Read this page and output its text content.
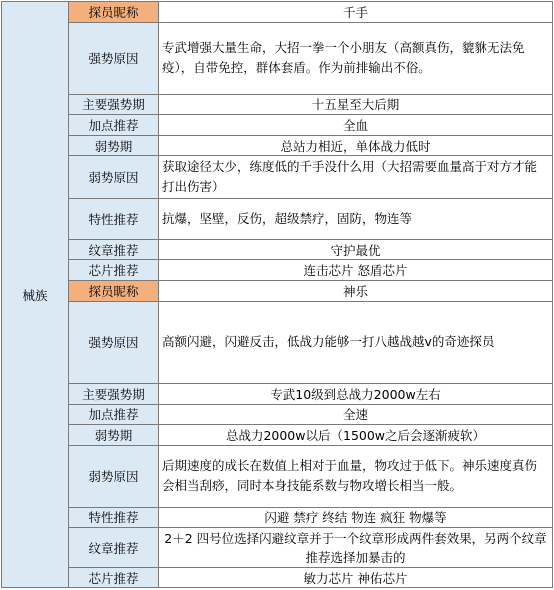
械族	探员昵称	千手
	强势原因	专武增强大量生命，大招一拳一个小朋友（高额真伤，貔貅无法免疫），自带免控，群体套盾。作为前排输出不俗。
	主要强势期	十五星至大后期
	加点推荐	全血
	弱势期	总站力相近，单体战力低时
	弱势原因	获取途径太少，练度低的千手没什么用（大招需要血量高于对方才能打出伤害）
	特性推荐	抗爆，坚壁，反伤，超级禁疗，固防，物连等
	纹章推荐	守护最优
	芯片推荐	连击芯片 怒盾芯片
	探员昵称	神乐
	强势原因	高额闪避，闪避反击，低战力能够一打八越战越v的奇迹探员
	主要强势期	专武10级到总战力2000w左右
	加点推荐	全速
	弱势期	总战力2000w以后（1500w之后会逐渐疲软）
	弱势原因	后期速度的成长在数值上相对于血量，物攻过于低下。神乐速度真伤会相当刮痧，同时本身技能系数与物攻增长相当一般。
	特性推荐	闪避 禁疗 终结 物连 疯狂 物爆等
	纹章推荐	2＋2 四号位选择闪避纹章并于一个纹章形成两件套效果，另两个纹章推荐选择加暴击的
	芯片推荐	敏力芯片 神佑芯片
